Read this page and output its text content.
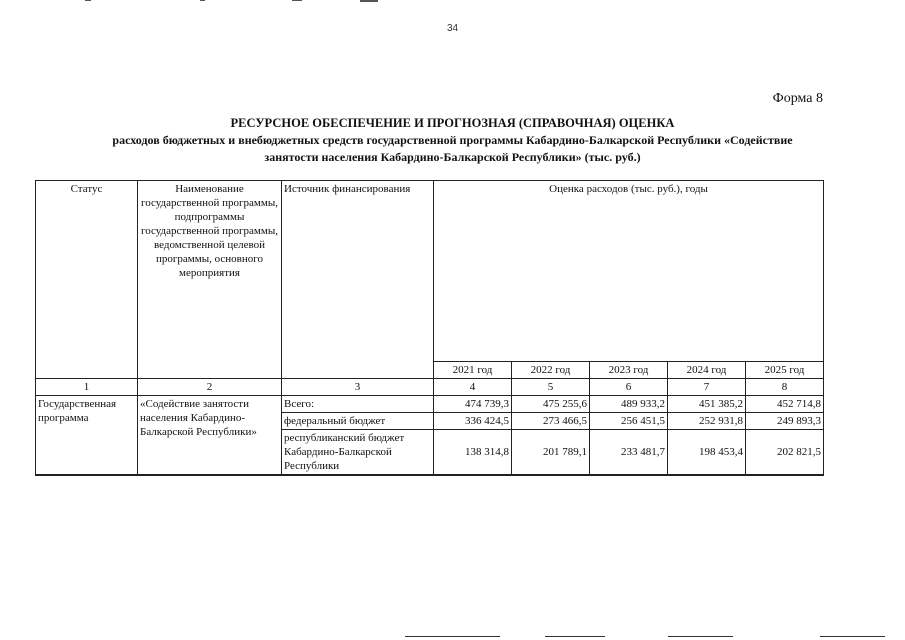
34
Форма 8
РЕСУРСНОЕ ОБЕСПЕЧЕНИЕ И ПРОГНОЗНАЯ (СПРАВОЧНАЯ) ОЦЕНКА
расходов бюджетных и внебюджетных средств государственной программы Кабардино-Балкарской Республики «Содействие
занятости населения Кабардино-Балкарской Республики» (тыс. руб.)
Статус	Наименование государственной программы, подпрограммы государственной программы, ведомственной целевой программы, основного мероприятия	Источник финансирования	Оценка расходов (тыс. руб.), годы				
			2021 год	2022 год	2023 год	2024 год	2025 год
1	2	3	4	5	6	7	8
Государственная программа	«Содействие занятости населения Кабардино-Балкарской Республики»	Всего:	474 739,3	475 255,6	489 933,2	451 385,2	452 714,8
		федеральный бюджет	336 424,5	273 466,5	256 451,5	252 931,8	249 893,3
		республиканский бюджет Кабардино-Балкарской Республики	138 314,8	201 789,1	233 481,7	198 453,4	202 821,5
